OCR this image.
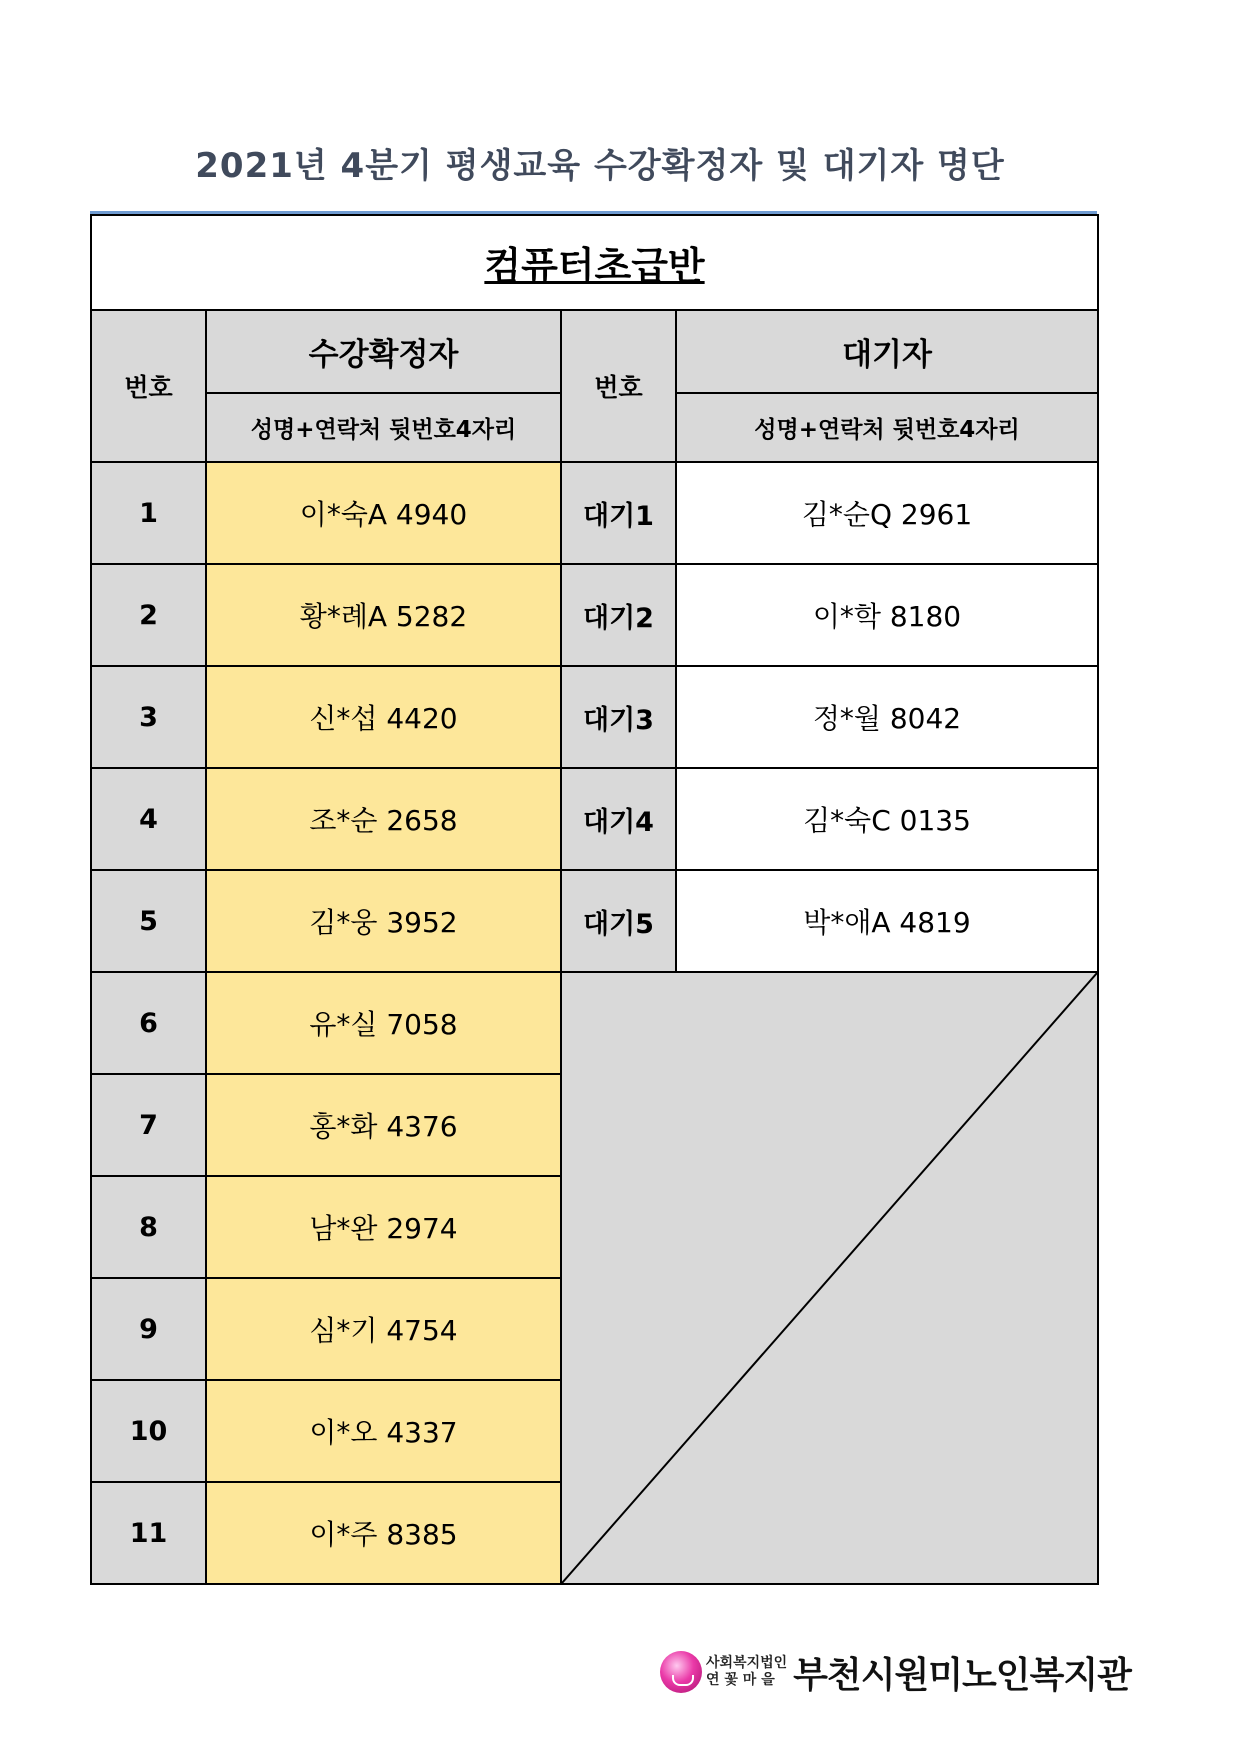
2021년 4분기 평생교육 수강확정자 및 대기자 명단
컴퓨터초급반			
번호	수강확정자	번호	대기자
	성명+연락처 뒷번호4자리		성명+연락처 뒷번호4자리
1	이*숙A 4940	대기1	김*순Q 2961
2	황*례A 5282	대기2	이*학 8180
3	신*섭 4420	대기3	정*월 8042
4	조*순 2658	대기4	김*숙C 0135
5	김*웅 3952	대기5	박*애A 4819
6	유*실 7058	

7	홍*화 4376		
8	남*완 2974		
9	심*기 4754		
10	이*오 4337		
11	이*주 8385		
사회복지법인
연 꽃 마 을 부천시원미노인복지관
